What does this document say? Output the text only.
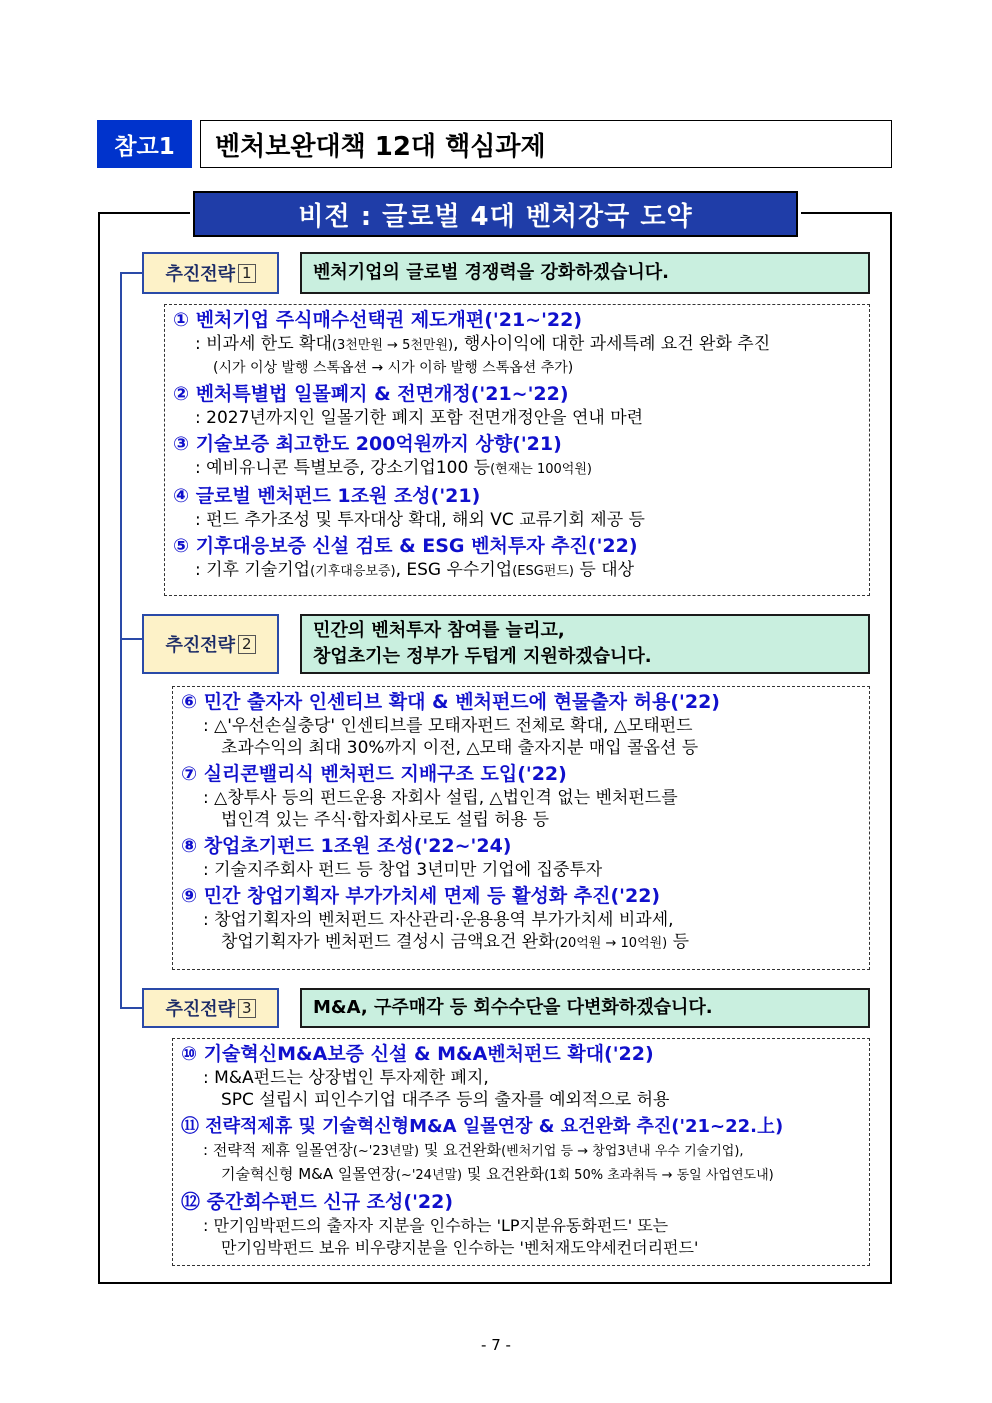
참고1	벤처보완대책 12대 핵심과제
비전 : 글로벌 4대 벤처강국 도약
추진전략 1	벤처기업의 글로벌 경쟁력을 강화하겠습니다.
① 벤처기업 주식매수선택권 제도개편('21~'22)
: 비과세 한도 확대(3천만원 → 5천만원), 행사이익에 대한 과세특례 요건 완화 추진
(시가 이상 발행 스톡옵션 → 시가 이하 발행 스톡옵션 추가)
② 벤처특별법 일몰폐지 & 전면개정('21~'22)
: 2027년까지인 일몰기한 폐지 포함 전면개정안을 연내 마련
③ 기술보증 최고한도 200억원까지 상향('21)
: 예비유니콘 특별보증, 강소기업100 등(현재는 100억원)
④ 글로벌 벤처펀드 1조원 조성('21)
: 펀드 추가조성 및 투자대상 확대, 해외 VC 교류기회 제공 등
⑤ 기후대응보증 신설 검토 & ESG 벤처투자 추진('22)
: 기후 기술기업(기후대응보증), ESG 우수기업(ESG펀드) 등 대상
추진전략 2
민간의 벤처투자 참여를 늘리고,
창업초기는 정부가 두텁게 지원하겠습니다.
⑥ 민간 출자자 인센티브 확대 & 벤처펀드에 현물출자 허용('22)
: △'우선손실충당' 인센티브를 모태자펀드 전체로 확대, △모태펀드
초과수익의 최대 30%까지 이전, △모태 출자지분 매입 콜옵션 등
⑦ 실리콘밸리식 벤처펀드 지배구조 도입('22)
: △창투사 등의 펀드운용 자회사 설립, △법인격 없는 벤처펀드를
법인격 있는 주식·합자회사로도 설립 허용 등
⑧ 창업초기펀드 1조원 조성('22~'24)
: 기술지주회사 펀드 등 창업 3년미만 기업에 집중투자
⑨ 민간 창업기획자 부가가치세 면제 등 활성화 추진('22)
: 창업기획자의 벤처펀드 자산관리·운용용역 부가가치세 비과세,
창업기획자가 벤처펀드 결성시 금액요건 완화(20억원 → 10억원) 등
추진전략 3	M&A, 구주매각 등 회수수단을 다변화하겠습니다.
⑩ 기술혁신M&A보증 신설 & M&A벤처펀드 확대('22)
: M&A펀드는 상장법인 투자제한 폐지,
SPC 설립시 피인수기업 대주주 등의 출자를 예외적으로 허용
⑪ 전략적제휴 및 기술혁신형M&A 일몰연장 & 요건완화 추진('21~22.上)
: 전략적 제휴 일몰연장(~'23년말) 및 요건완화(벤처기업 등 → 창업3년내 우수 기술기업),
기술혁신형 M&A 일몰연장(~'24년말) 및 요건완화(1회 50% 초과취득 → 동일 사업연도내)
⑫ 중간회수펀드 신규 조성('22)
: 만기임박펀드의 출자자 지분을 인수하는 'LP지분유동화펀드' 또는
만기임박펀드 보유 비우량지분을 인수하는 '벤처재도약세컨더리펀드'
- 7 -
